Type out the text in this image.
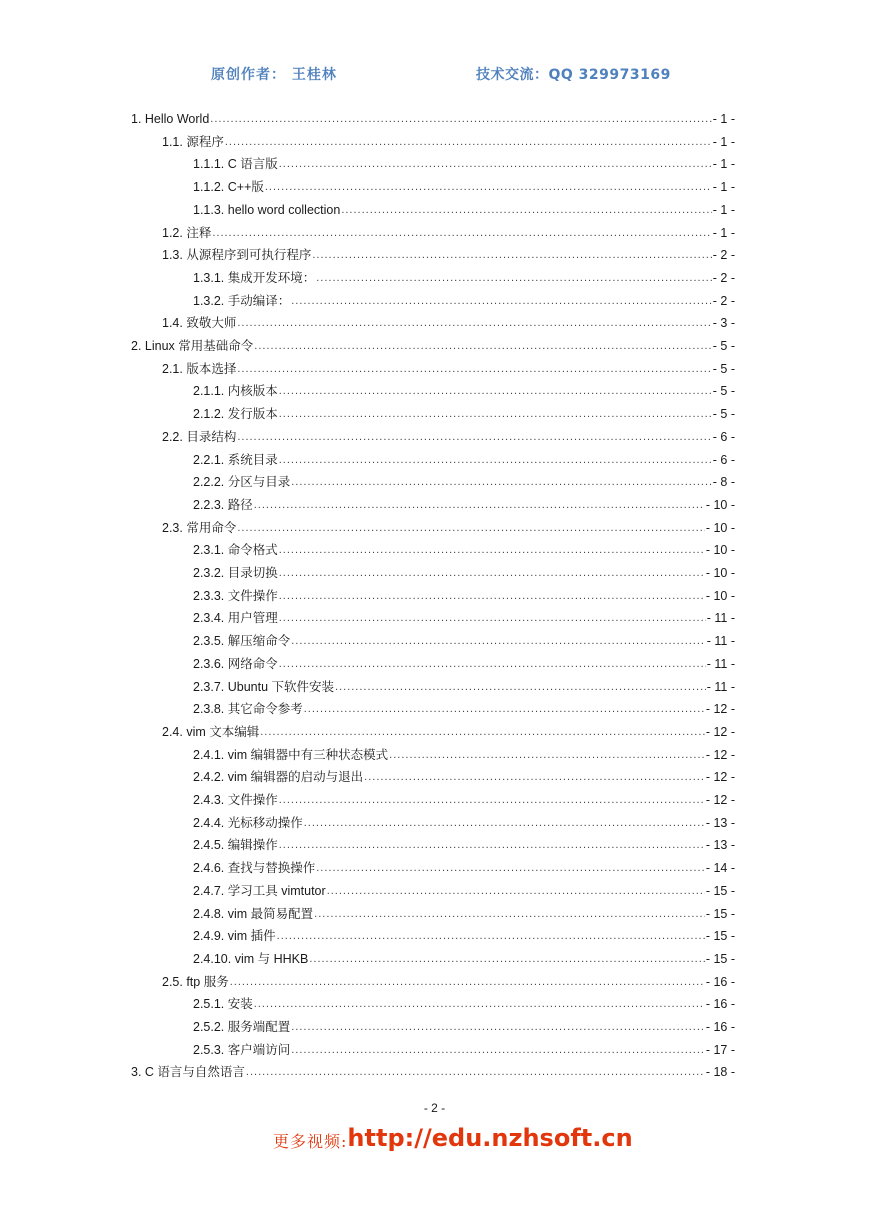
原创作者： 王桂林	技术交流：QQ 329973169
1. Hello World .....	- 1 -
1.1. 源程序 .....	- 1 -
1.1.1. C 语言版 .....	- 1 -
1.1.2. C++版 .....	- 1 -
1.1.3. hello word collection .....	- 1 -
1.2. 注释 .....	- 1 -
1.3. 从源程序到可执行程序 .....	- 2 -
1.3.1. 集成开发环境： .....	- 2 -
1.3.2. 手动编译： .....	- 2 -
1.4. 致敬大师 .....	- 3 -
2. Linux 常用基础命令 .....	- 5 -
2.1. 版本选择 .....	- 5 -
2.1.1. 内核版本 .....	- 5 -
2.1.2. 发行版本 .....	- 5 -
2.2. 目录结构 .....	- 6 -
2.2.1. 系统目录 .....	- 6 -
2.2.2. 分区与目录 .....	- 8 -
2.2.3. 路径 .....	- 10 -
2.3. 常用命令 .....	- 10 -
2.3.1. 命令格式 .....	- 10 -
2.3.2. 目录切换 .....	- 10 -
2.3.3. 文件操作 .....	- 10 -
2.3.4. 用户管理 .....	- 11 -
2.3.5. 解压缩命令 .....	- 11 -
2.3.6. 网络命令 .....	- 11 -
2.3.7. Ubuntu 下软件安装 .....	- 11 -
2.3.8. 其它命令参考 .....	- 12 -
2.4. vim 文本编辑 .....	- 12 -
2.4.1. vim 编辑器中有三种状态模式 .....	- 12 -
2.4.2. vim 编辑器的启动与退出 .....	- 12 -
2.4.3. 文件操作 .....	- 12 -
2.4.4. 光标移动操作 .....	- 13 -
2.4.5. 编辑操作 .....	- 13 -
2.4.6. 查找与替换操作 .....	- 14 -
2.4.7. 学习工具 vimtutor .....	- 15 -
2.4.8. vim 最简易配置 .....	- 15 -
2.4.9. vim 插件 .....	- 15 -
2.4.10. vim 与 HHKB .....	- 15 -
2.5. ftp 服务 .....	- 16 -
2.5.1. 安装 .....	- 16 -
2.5.2. 服务端配置 .....	- 16 -
2.5.3. 客户端访问 .....	- 17 -
3. C 语言与自然语言 .....	- 18 -
- 2 -
更多视频: http://edu.nzhsoft.cn
